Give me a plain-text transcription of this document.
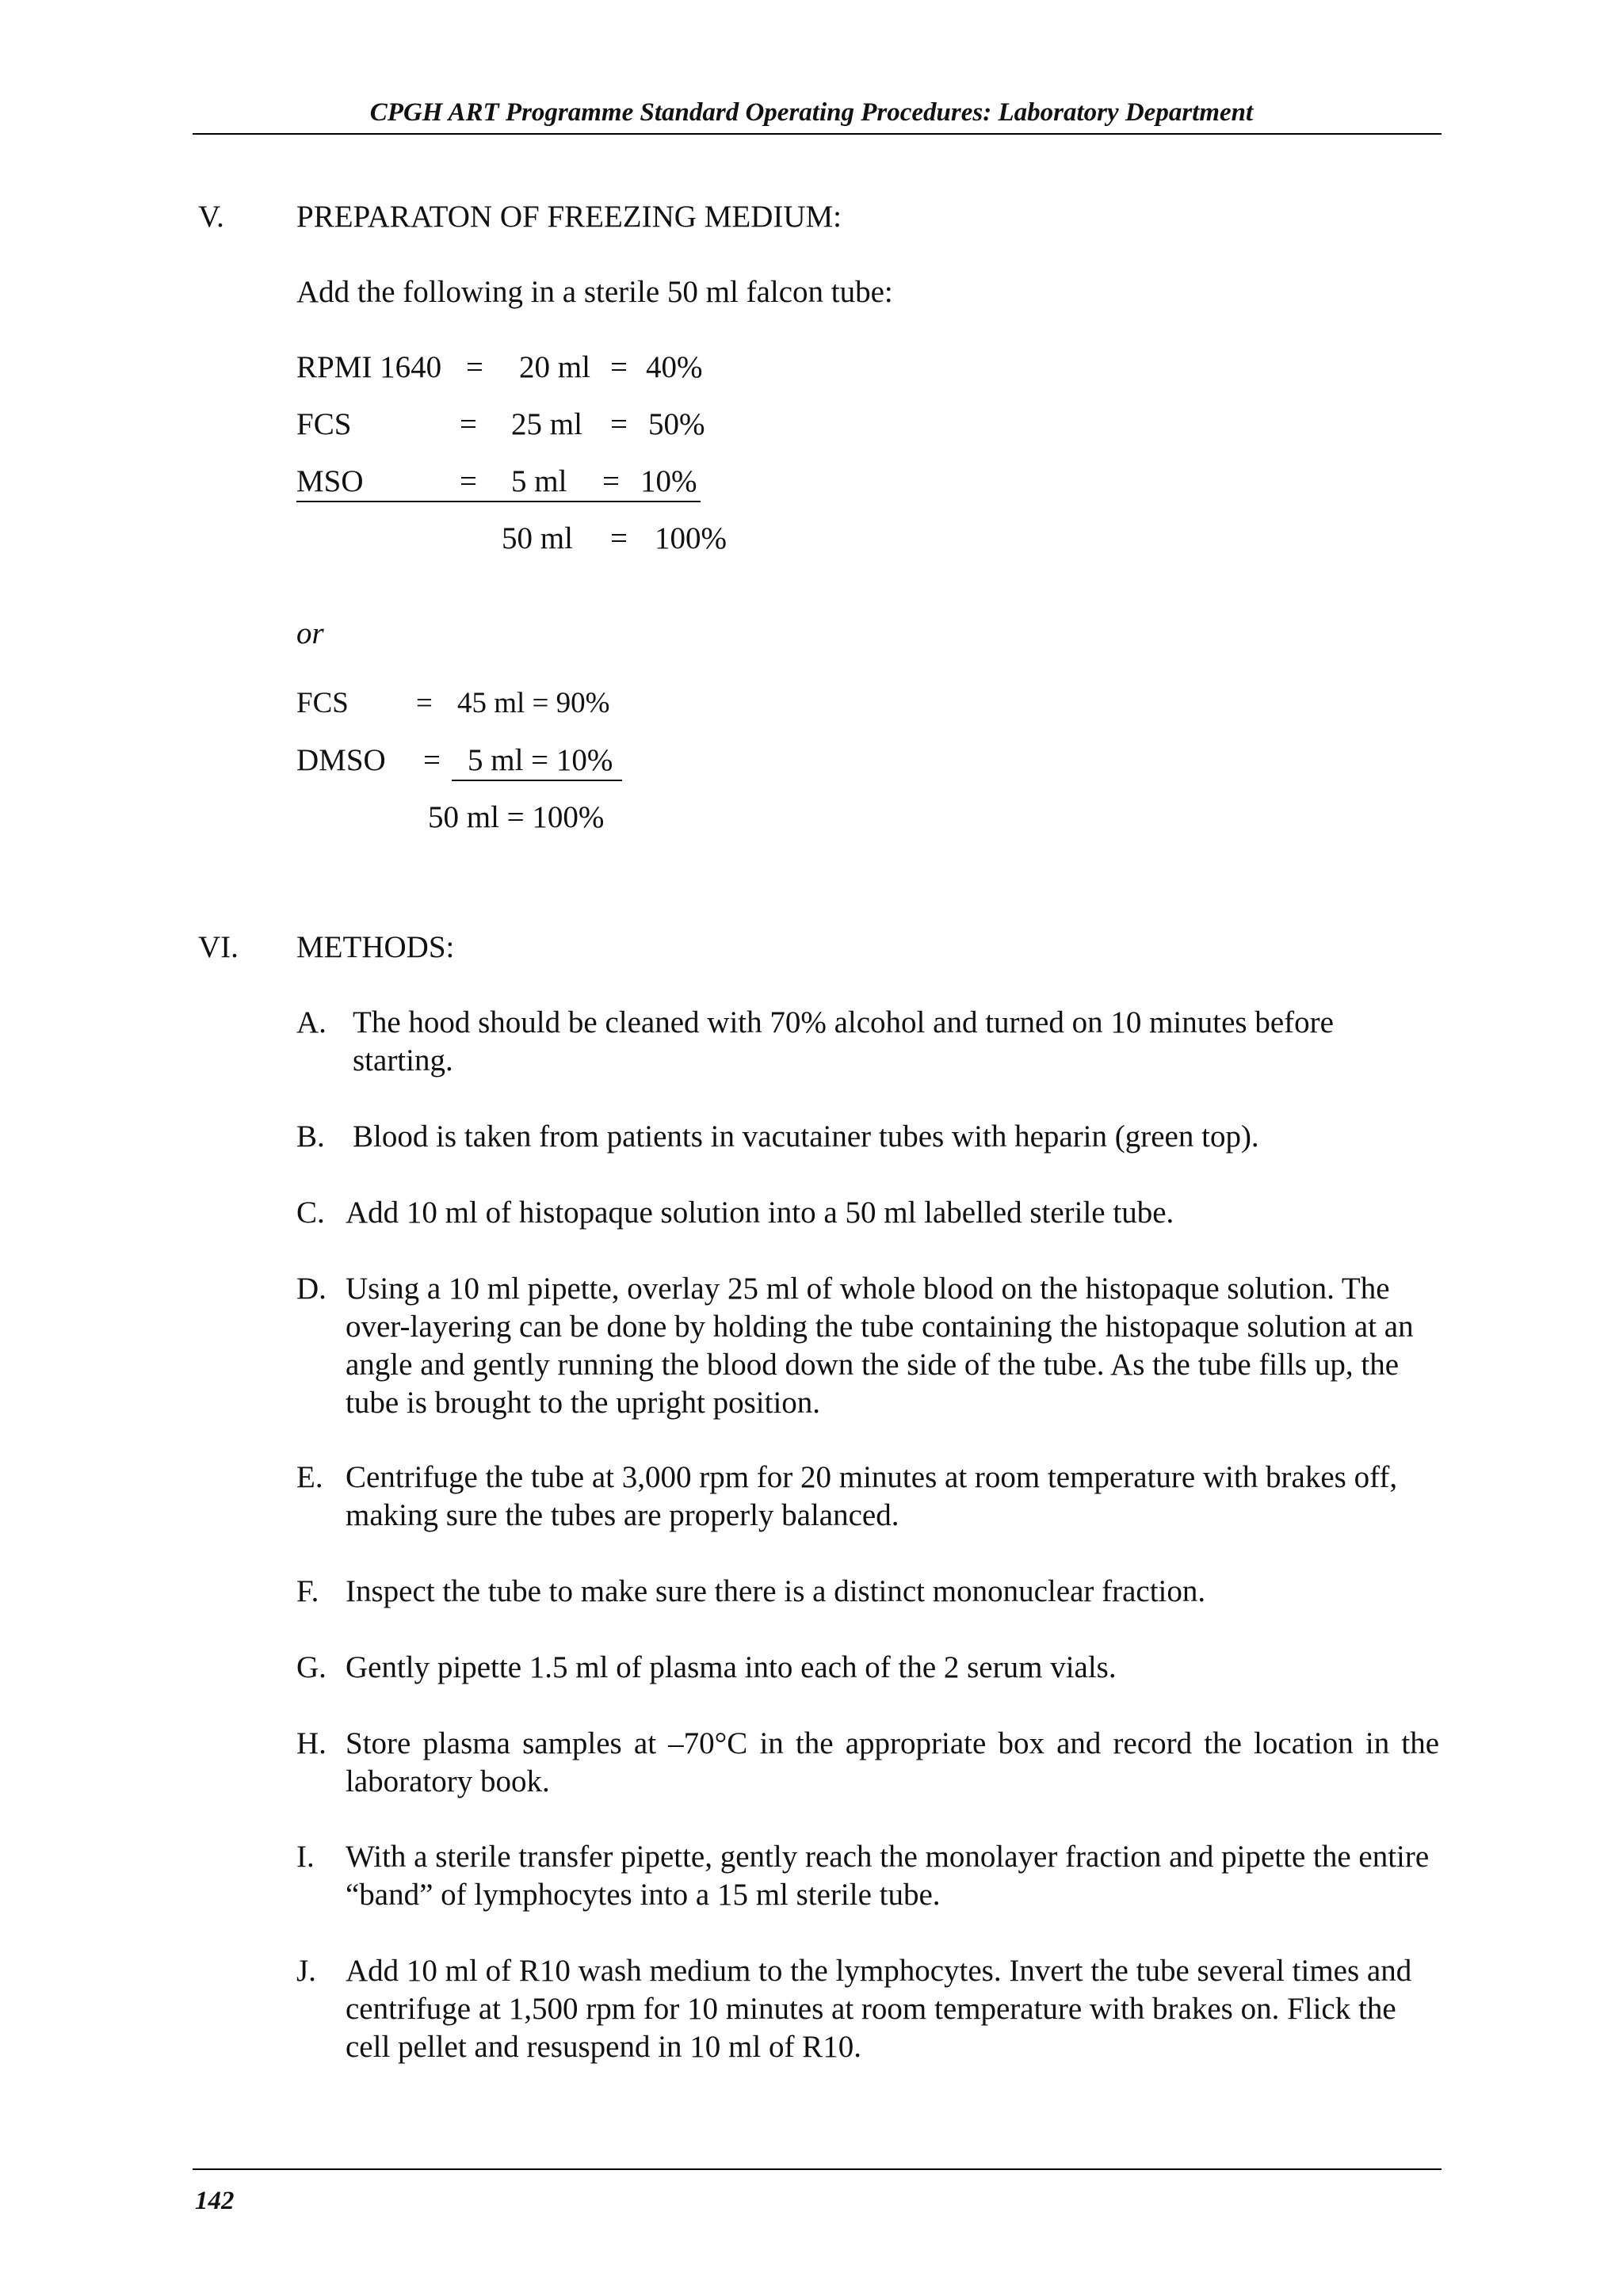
CPGH ART Programme Standard Operating Procedures: Laboratory Department
V. PREPARATON OF FREEZING MEDIUM:
Add the following in a sterile 50 ml falcon tube:
RPMI 1640 = 20 ml = 40%
FCS	= 25 ml = 50%
MSO	= 5 ml = 10%
50 ml = 100%
or
FCS = 45 ml = 90%
DMSO = 5 ml = 10%
50 ml = 100%
VI. METHODS:
A. The hood should be cleaned with 70% alcohol and turned on 10 minutes before starting.
B. Blood is taken from patients in vacutainer tubes with heparin (green top).
C. Add 10 ml of histopaque solution into a 50 ml labelled sterile tube.
D. Using a 10 ml pipette, overlay 25 ml of whole blood on the histopaque solution. The over-layering can be done by holding the tube containing the histopaque solution at an angle and gently running the blood down the side of the tube. As the tube fills up, the tube is brought to the upright position.
E. Centrifuge the tube at 3,000 rpm for 20 minutes at room temperature with brakes off, making sure the tubes are properly balanced.
F. Inspect the tube to make sure there is a distinct mononuclear fraction.
G. Gently pipette 1.5 ml of plasma into each of the 2 serum vials.
H. Store plasma samples at –70°C in the appropriate box and record the location in the laboratory book.
I. With a sterile transfer pipette, gently reach the monolayer fraction and pipette the entire “band” of lymphocytes into a 15 ml sterile tube.
J. Add 10 ml of R10 wash medium to the lymphocytes. Invert the tube several times and centrifuge at 1,500 rpm for 10 minutes at room temperature with brakes on. Flick the cell pellet and resuspend in 10 ml of R10.
142
